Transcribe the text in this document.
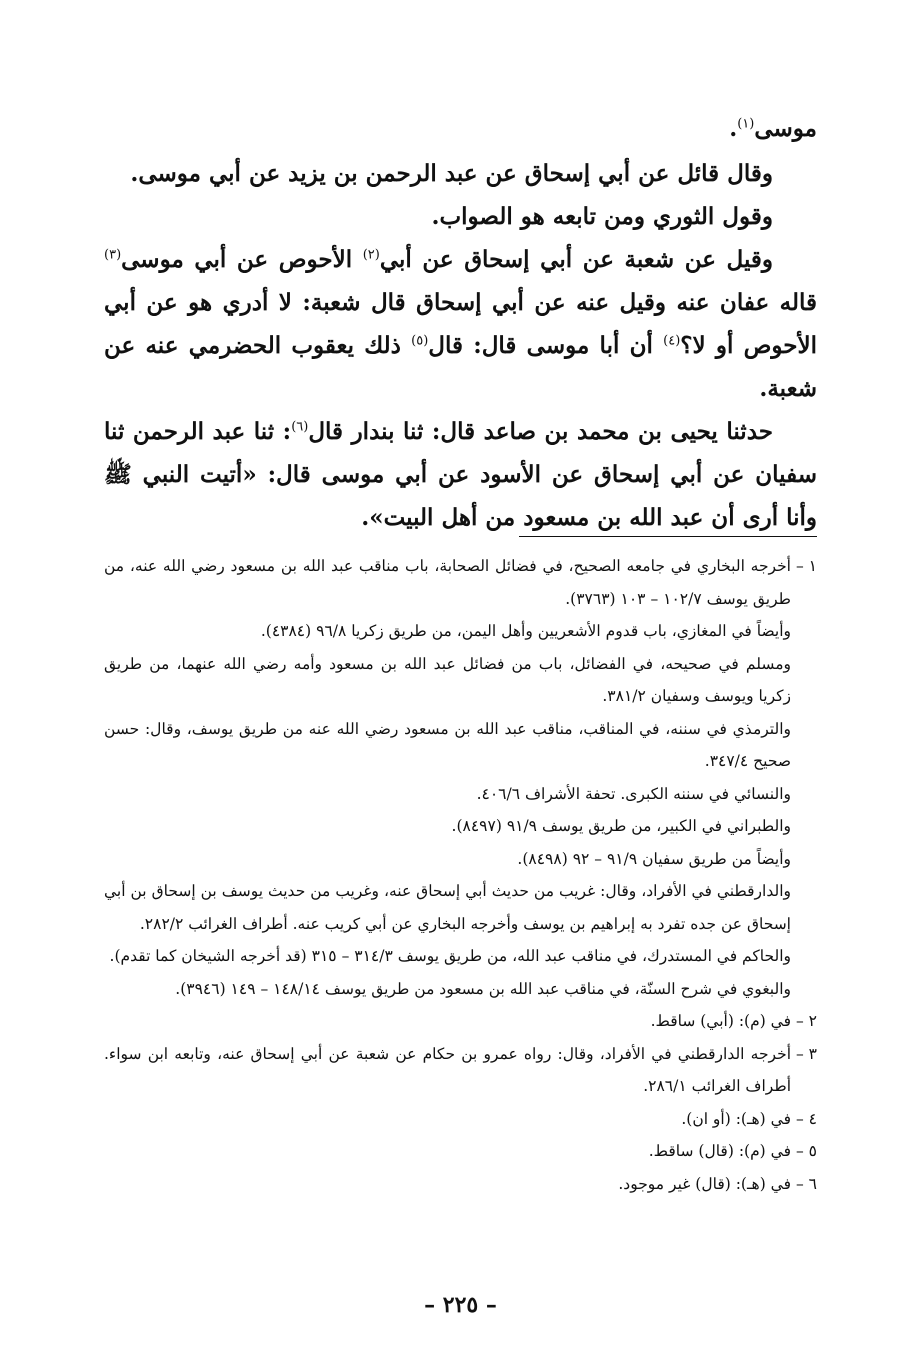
موسى$^{(١)}$.

وقال قائل عن أبي إسحاق عن عبد الرحمن بن يزيد عن أبي موسى.

وقول الثوري ومن تابعه هو الصواب.

وقيل عن شعبة عن أبي إسحاق عن أبي$^{(٢)}$ الأحوص عن أبي موسى$^{(٣)}$ قاله عفان عنه وقيل عنه عن أبي إسحاق قال شعبة: لا أدري هو عن أبي الأحوص أو لا؟$^{(٤)}$ أن أبا موسى قال: قال$^{(٥)}$ ذلك يعقوب الحضرمي عنه عن شعبة.

حدثنا يحيى بن محمد بن صاعد قال: ثنا بندار قال$^{(٦)}$: ثنا عبد الرحمن ثنا سفيان عن أبي إسحاق عن الأسود عن أبي موسى قال: «أتيت النبي ﷺ وأنا أرى أن عبد الله بن مسعود من أهل البيت».

١ –
أخرجه البخاري في جامعه الصحيح، في فضائل الصحابة، باب مناقب عبد الله بن مسعود رضي الله عنه، من طريق يوسف ١٠٢/٧ – ١٠٣ (٣٧٦٣).
وأيضاً في المغازي، باب قدوم الأشعريين وأهل اليمن، من طريق زكريا ٩٦/٨ (٤٣٨٤).
ومسلم في صحيحه، في الفضائل، باب من فضائل عبد الله بن مسعود وأمه رضي الله عنهما، من طريق زكريا ويوسف وسفيان ٣٨١/٢.
والترمذي في سننه، في المناقب، مناقب عبد الله بن مسعود رضي الله عنه من طريق يوسف، وقال: حسن صحيح ٣٤٧/٤.
والنسائي في سننه الكبرى. تحفة الأشراف ٤٠٦/٦.
والطبراني في الكبير، من طريق يوسف ٩١/٩ (٨٤٩٧).
وأيضاً من طريق سفيان ٩١/٩ – ٩٢ (٨٤٩٨).
والدارقطني في الأفراد، وقال: غريب من حديث أبي إسحاق عنه، وغريب من حديث يوسف بن إسحاق بن أبي إسحاق عن جده تفرد به إبراهيم بن يوسف وأخرجه البخاري عن أبي كريب عنه. أطراف الغرائب ٢٨٢/٢.
والحاكم في المستدرك، في مناقب عبد الله، من طريق يوسف ٣١٤/٣ – ٣١٥ (قد أخرجه الشيخان كما تقدم).
والبغوي في شرح السنّة، في مناقب عبد الله بن مسعود من طريق يوسف ١٤٨/١٤ – ١٤٩ (٣٩٤٦).
٢ –
في (م): (أبي) ساقط.
٣ –
أخرجه الدارقطني في الأفراد، وقال: رواه عمرو بن حكام عن شعبة عن أبي إسحاق عنه، وتابعه ابن سواء. أطراف الغرائب ٢٨٦/١.
٤ –
في (هـ): (أو ان).
٥ –
في (م): (قال) ساقط.
٦ –
في (هـ): (قال) غير موجود.
– ٢٢٥ –
